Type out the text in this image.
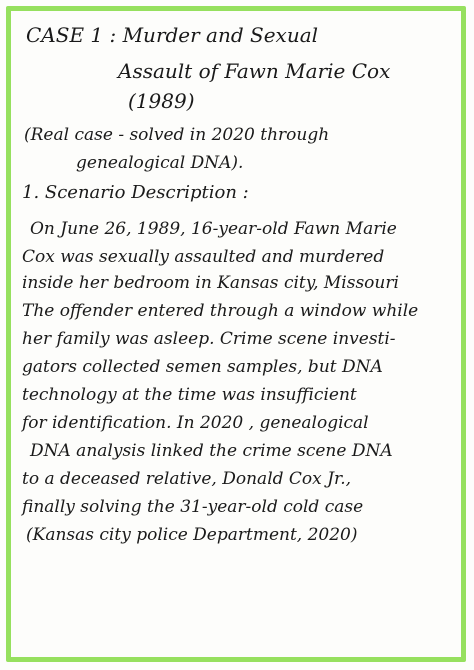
CASE 1 : Murder and Sexual
Assault of Fawn Marie Cox
(1989)
(Real case - solved in 2020 through
genealogical DNA).
1. Scenario Description :
On June 26, 1989, 16-year-old Fawn Marie
Cox was sexually assaulted and murdered
inside her bedroom in Kansas city, Missouri
The offender entered through a window while
her family was asleep. Crime scene investi-
gators collected semen samples, but DNA
technology at the time was insufficient
for identification. In 2020 , genealogical
DNA analysis linked the crime scene DNA
to a deceased relative, Donald Cox Jr.,
finally solving the 31-year-old cold case
(Kansas city police Department, 2020)
